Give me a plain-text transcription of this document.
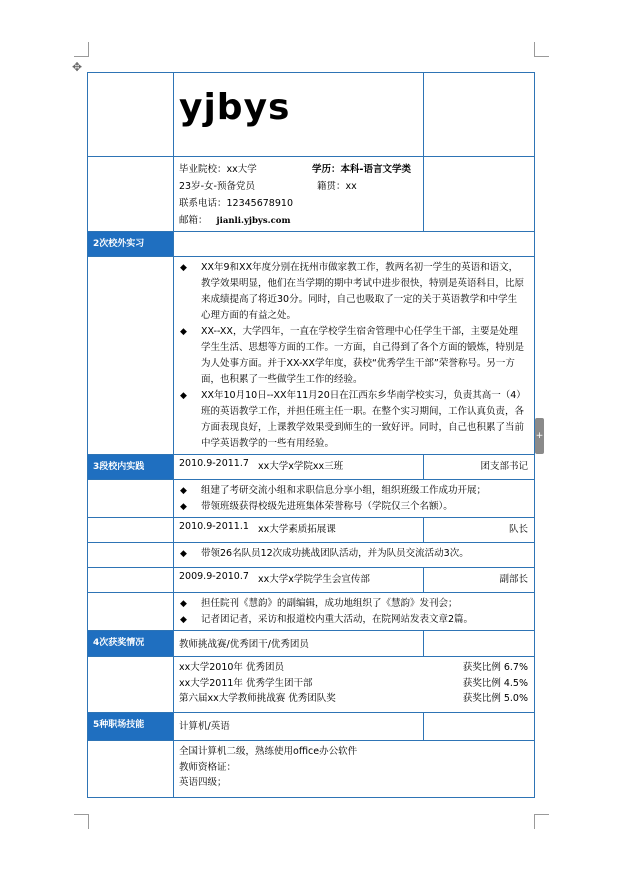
✥
+
yjbys
毕业院校：xx大学	学历：本科-语言文学类
23岁-女-预备党员	籍贯：xx
联系电话：12345678910
邮箱： jianli.yjbys.com
2次校外实习
◆ XX年9和XX年度分别在抚州市做家教工作，教两名初一学生的英语和语文，教学效果明显，他们在当学期的期中考试中进步很快，特别是英语科目，比原来成绩提高了将近30分。同时，自己也吸取了一定的关于英语教学和中学生心理方面的有益之处。
◆ XX--XX，大学四年，一直在学校学生宿舍管理中心任学生干部，主要是处理学生生活、思想等方面的工作。一方面，自己得到了各个方面的锻炼，特别是为人处事方面。并于XX-XX学年度，获校“优秀学生干部”荣誉称号。另一方面，也积累了一些做学生工作的经验。
◆ XX年10月10日--XX年11月20日在江西东乡华南学校实习，负责其高一（4）班的英语教学工作，并担任班主任一职。在整个实习期间，工作认真负责，各方面表现良好，上课教学效果受到师生的一致好评。同时，自己也积累了当前中学英语教学的一些有用经验。
3段校内实践	2010.9-2011.7 xx大学x学院xx三班	团支部书记
◆ 组建了考研交流小组和求职信息分享小组，组织班级工作成功开展；
◆ 带领班级获得校级先进班集体荣誉称号（学院仅三个名额）。
2010.9-2011.1 xx大学素质拓展课	队长
◆ 带领26名队员12次成功挑战团队活动，并为队员交流活动3次。
2009.9-2010.7 xx大学x学院学生会宣传部	副部长
◆ 担任院刊《慧韵》的副编辑，成功地组织了《慧韵》发刊会；
◆ 记者团记者，采访和报道校内重大活动，在院网站发表文章2篇。
4次获奖情况	教师挑战赛/优秀团干/优秀团员
xx大学2010年 优秀团员	获奖比例 6.7%
xx大学2011年 优秀学生团干部	获奖比例 4.5%
第六届xx大学教师挑战赛 优秀团队奖	获奖比例 5.0%
5种职场技能	计算机/英语
全国计算机二级，熟练使用office办公软件
教师资格证：
英语四级；
